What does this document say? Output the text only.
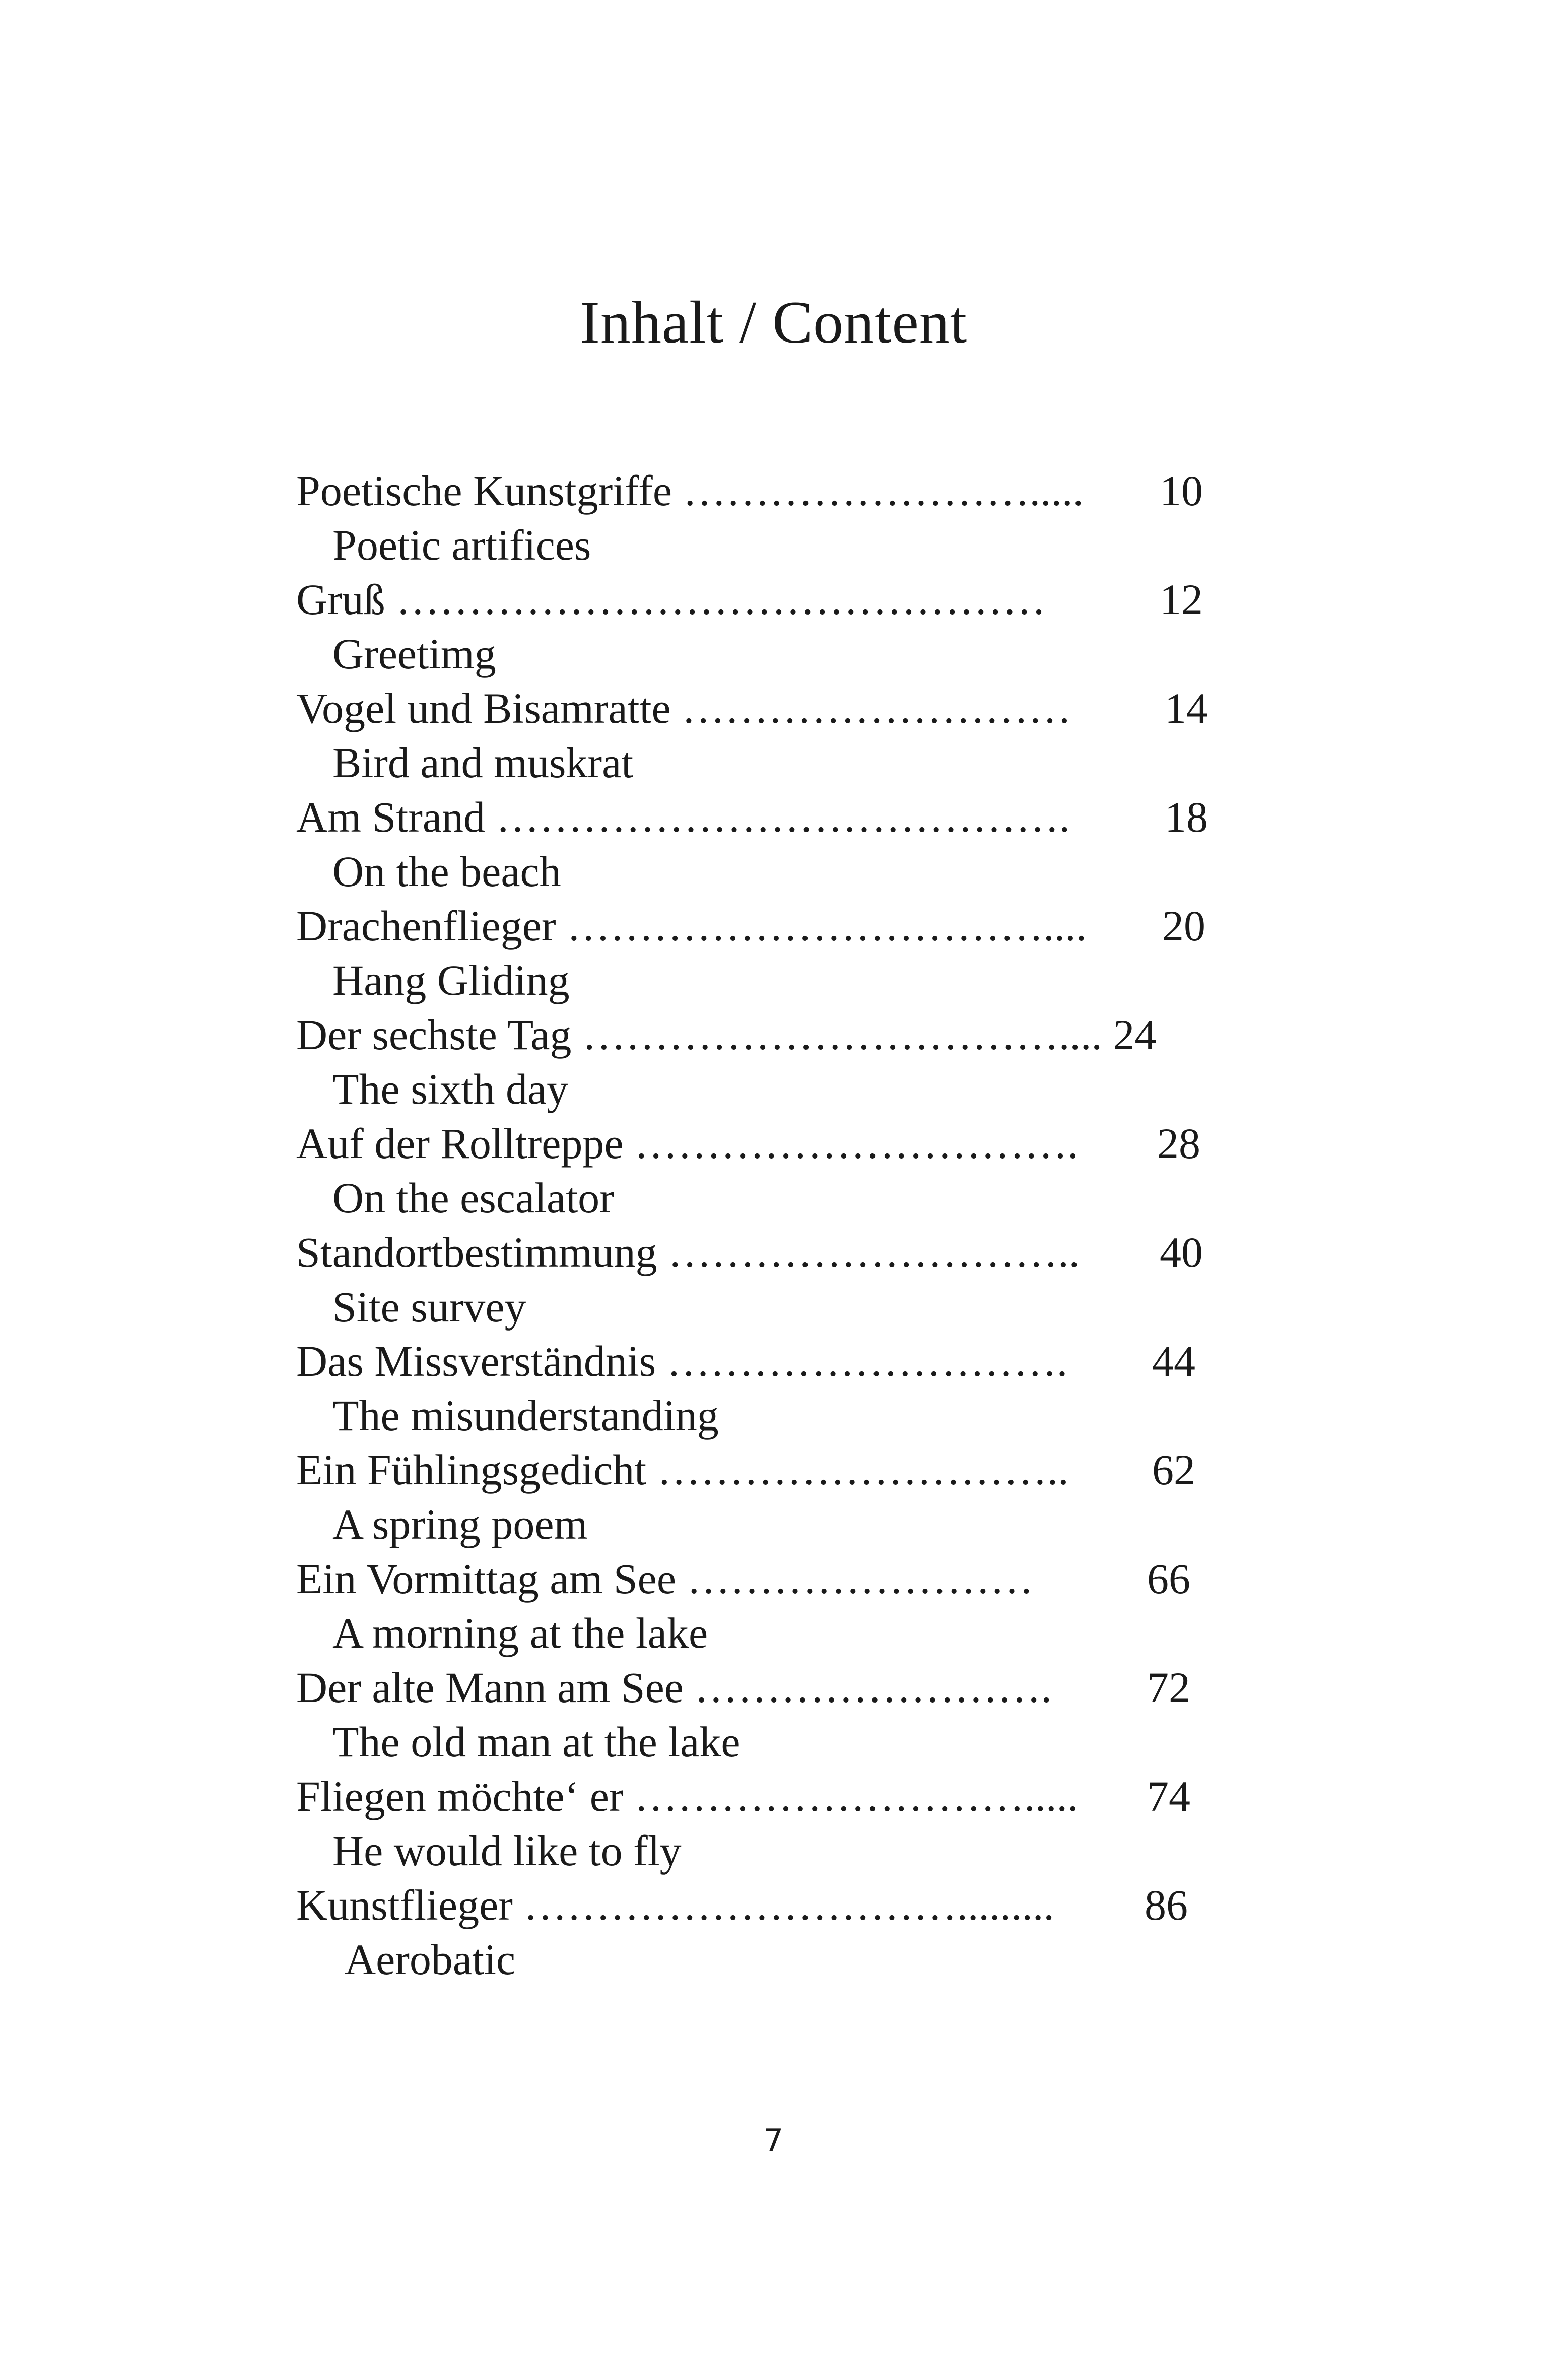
Inhalt / Content
Poetische Kunstgriffe ……………………..... 10
Poetic artifices
Gruß ………………………………………	12
Greetimg
Vogel und Bisamratte ……………………… 14
Bird and muskrat
Am Strand …………………………………. 18
On the beach
Drachenflieger …………………………….... 20
Hang Gliding
Der sechste Tag …………………………….... 24
The sixth day
Auf der Rolltreppe …………………………. 28
On the escalator
Standortbestimmung ……………………….. 40
Site survey
Das Missverständnis ………………………. 44
The misunderstanding
Ein Fühlingsgedicht ……………………….. 62
A spring poem
Ein Vormittag am See ……………………	66
A morning at the lake
Der alte Mann am See ……………………. 72
The old man at the lake
Fliegen möchte‘ er ………………………..... 74
He would like to fly
Kunstflieger …………………………......... 86
Aerobatic
7
